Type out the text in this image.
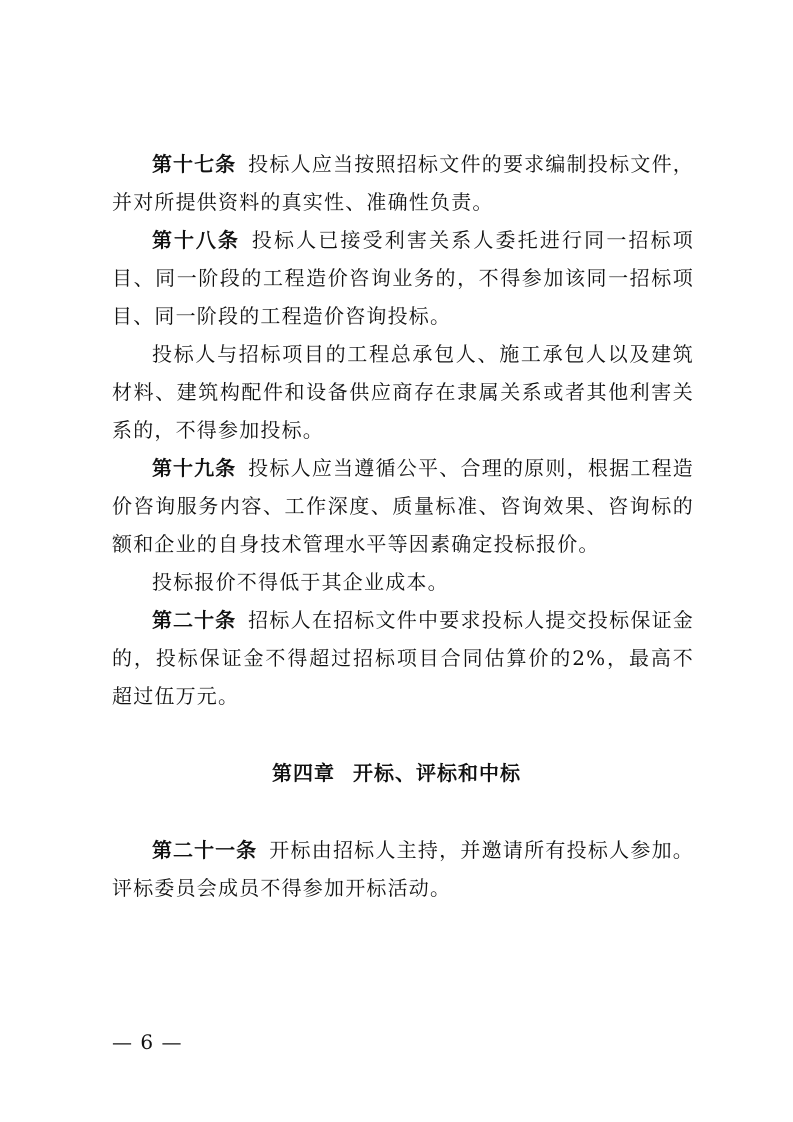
第十七条 投标人应当按照招标文件的要求编制投标文件，并对所提供资料的真实性、准确性负责。

第十八条 投标人已接受利害关系人委托进行同一招标项目、同一阶段的工程造价咨询业务的，不得参加该同一招标项目、同一阶段的工程造价咨询投标。

投标人与招标项目的工程总承包人、施工承包人以及建筑材料、建筑构配件和设备供应商存在隶属关系或者其他利害关系的，不得参加投标。

第十九条 投标人应当遵循公平、合理的原则，根据工程造价咨询服务内容、工作深度、质量标准、咨询效果、咨询标的额和企业的自身技术管理水平等因素确定投标报价。

投标报价不得低于其企业成本。

第二十条 招标人在招标文件中要求投标人提交投标保证金的，投标保证金不得超过招标项目合同估算价的2%，最高不超过伍万元。

第四章 开标、评标和中标

第二十一条 开标由招标人主持，并邀请所有投标人参加。评标委员会成员不得参加开标活动。

— 6 —
